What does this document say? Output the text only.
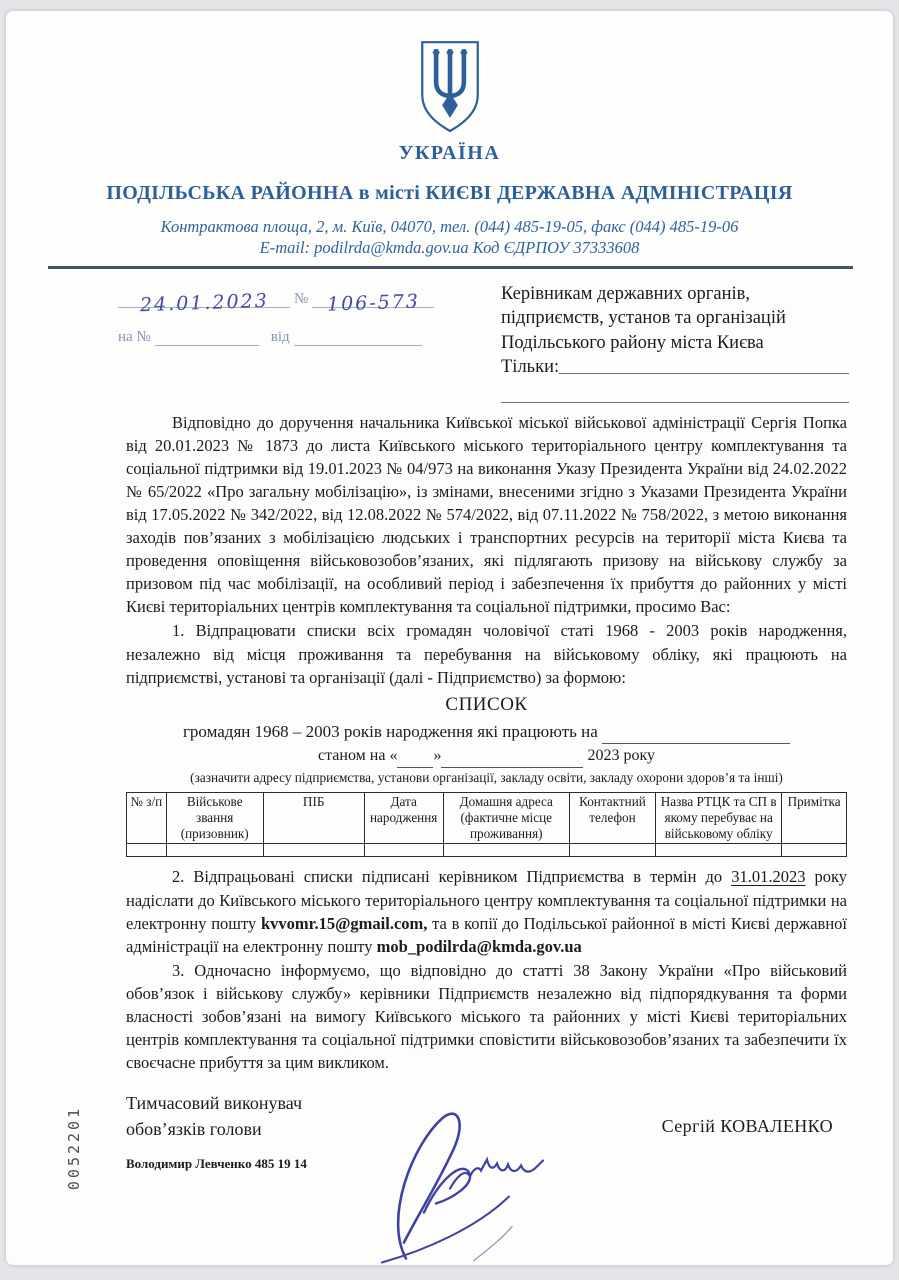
УКРАЇНА
ПОДІЛЬСЬКА РАЙОННА в місті КИЄВІ ДЕРЖАВНА АДМІНІСТРАЦІЯ
Контрактова площа, 2, м. Київ, 04070, тел. (044) 485-19-05, факс (044) 485-19-06
E-mail: podilrda@kmda.gov.ua Код ЄДРПОУ 37333608
24.01.2023 № 106-573
на №	від
Керівникам державних органів,
підприємств, установ та організацій
Подільського району міста Києва
Тільки:

Відповідно до доручення начальника Київської міської військової адміністрації Сергія Попка від 20.01.2023 № 1873 до листа Київського міського територіального центру комплектування та соціальної підтримки від 19.01.2023 № 04/973 на виконання Указу Президента України від 24.02.2022 № 65/2022 «Про загальну мобілізацію», із змінами, внесеними згідно з Указами Президента України від 17.05.2022 № 342/2022, від 12.08.2022 № 574/2022, від 07.11.2022 № 758/2022, з метою виконання заходів пов’язаних з мобілізацією людських і транспортних ресурсів на території міста Києва та проведення оповіщення військовозобов’язаних, які підлягають призову на військову службу за призовом під час мобілізації, на особливий період і забезпечення їх прибуття до районних у місті Києві територіальних центрів комплектування та соціальної підтримки, просимо Вас:

1. Відпрацювати списки всіх громадян чоловічої статі 1968 - 2003 років народження, незалежно від місця проживання та перебування на військовому обліку, які працюють на підприємстві, установі та організації (далі - Підприємство) за формою:

СПИСОК
громадян 1968 – 2003 років народження які працюють на
станом на « »	2023 року
(зазначити адресу підприємства, установи організації, закладу освіти, закладу охорони здоров’я та інші)
№ з/п	Військове звання (призовник)	ПІБ	Дата народження	Домашня адреса (фактичне місце проживання)	Контактний телефон	Назва РТЦК та СП в якому перебуває на військовому обліку	Примітка

2. Відпрацьовані списки підписані керівником Підприємства в термін до 31.01.2023 року надіслати до Київського міського територіального центру комплектування та соціальної підтримки на електронну пошту kvvomr.15@gmail.com, та в копії до Подільської районної в місті Києві державної адміністрації на електронну пошту mob_podilrda@kmda.gov.ua

3. Одночасно інформуємо, що відповідно до статті 38 Закону України «Про військовий обов’язок і військову службу» керівники Підприємств незалежно від підпорядкування та форми власності зобов’язані на вимогу Київського міського та районних у місті Києві територіальних центрів комплектування та соціальної підтримки сповістити військовозобов’язаних та забезпечити їх своєчасне прибуття за цим викликом.

Тимчасовий виконувач
обов’язків голови	Сергій КОВАЛЕНКО
Володимир Левченко 485 19 14
0052201
